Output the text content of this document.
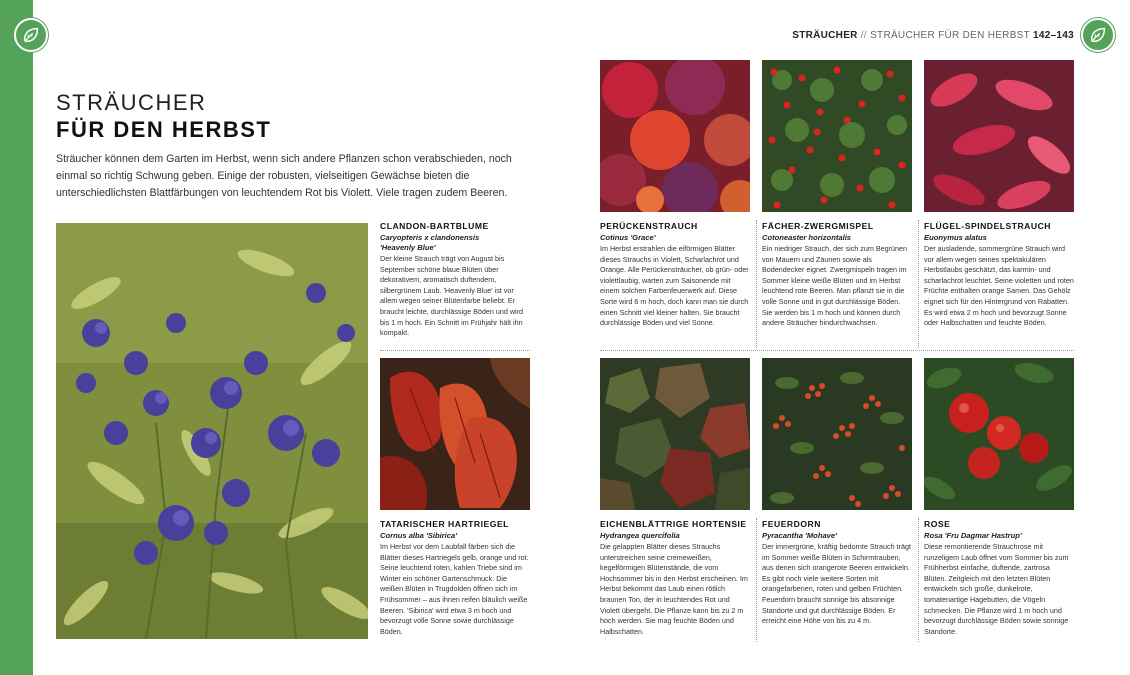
STRÄUCHER // STRÄUCHER FÜR DEN HERBST 142–143
STRÄUCHER
FÜR DEN HERBST

Sträucher können dem Garten im Herbst, wenn sich andere Pflanzen schon verabschieden, noch einmal so richtig Schwung geben. Einige der robusten, vielseitigen Gewächse bieten die unterschiedlichsten Blattfärbungen von leuchtendem Rot bis Violett. Viele tragen zudem Beeren.

CLANDON-BARTBLUME
Caryopteris x clandonensis
'Heavenly Blue'
Der kleine Strauch trägt von August bis September schöne blaue Blüten über dekorativem, aromatisch duftendem, silbergrünem Laub. 'Heavenly Blue' ist vor allem wegen seiner Blütenfarbe beliebt. Er braucht leichte, durchlässige Böden und wird bis 1 m hoch. Ein Schnitt im Frühjahr hält ihn kompakt.
TATARISCHER HARTRIEGEL
Cornus alba 'Sibirica'
Im Herbst vor dem Laubfall färben sich die Blätter dieses Hartriegels gelb, orange und rot. Seine leuchtend roten, kahlen Triebe sind im Winter ein schöner Gartenschmuck. Die weißen Blüten in Trugdolden öffnen sich im Frühsommer – aus ihnen reifen bläulich weiße Beeren. 'Sibirica' wird etwa 3 m hoch und bevorzugt volle Sonne sowie durchlässige Böden.
PERÜCKENSTRAUCH
Cotinus 'Grace'
Im Herbst erstrahlen die eiförmigen Blätter dieses Strauchs in Violett, Scharlachrot und Orange. Alle Perückensträucher, ob grün- oder violettlaubig, warten zum Saisonende mit einem solchen Farbenfeuerwerk auf. Diese Sorte wird 6 m hoch, doch kann man sie durch einen Schnitt viel kleiner halten. Sie braucht durchlässige Böden und viel Sonne.
FÄCHER-ZWERGMISPEL
Cotoneaster horizontalis
Ein niedriger Strauch, der sich zum Begrünen von Mauern und Zäunen sowie als Bodendecker eignet. Zwergmispeln tragen im Sommer kleine weiße Blüten und im Herbst leuchtend rote Beeren. Man pflanzt sie in die volle Sonne und in gut durchlässige Böden. Sie werden bis 1 m hoch und können durch andere Sträucher hindurchwachsen.
FLÜGEL-SPINDELSTRAUCH
Euonymus alatus
Der ausladende, sommergrüne Strauch wird vor allem wegen seines spektakulären Herbstlaubs geschätzt, das karmin- und scharlachrot leuchtet. Seine violetten und roten Früchte enthalten orange Samen. Das Gehölz eignet sich für den Hintergrund von Rabatten. Es wird etwa 2 m hoch und bevorzugt Sonne oder Halbschatten und feuchte Böden.
EICHENBLÄTTRIGE HORTENSIE
Hydrangea quercifolia
Die gelappten Blätter dieses Strauchs unterstreichen seine cremeweißen, kegelförmigen Blütenstände, die vom Hochsommer bis in den Herbst erscheinen. Im Herbst bekommt das Laub einen rötlich braunen Ton, der in leuchtendes Rot und Violett übergeht. Die Pflanze kann bis zu 2 m hoch werden. Sie mag feuchte Böden und Halbschatten.
FEUERDORN
Pyracantha 'Mohave'
Der immergrüne, kräftig bedornte Strauch trägt im Sommer weiße Blüten in Schirmtrauben, aus denen sich orangerote Beeren entwickeln. Es gibt noch viele weitere Sorten mit orangefarbenen, roten und gelben Früchten. Feuerdorn braucht sonnige bis absonnige Standorte und gut durchlässige Böden. Er erreicht eine Höhe von bis zu 4 m.
ROSE
Rosa 'Fru Dagmar Hastrup'
Diese remontierende Strauchrose mit runzeligem Laub öffnet vom Sommer bis zum Frühherbst einfache, duftende, zartrosa Blüten. Zeitgleich mit den letzten Blüten entwickeln sich große, dunkelrote, tomatenartige Hagebutten, die Vögeln schmecken. Die Pflanze wird 1 m hoch und bevorzugt durchlässige Böden sowie sonnige Standorte.
